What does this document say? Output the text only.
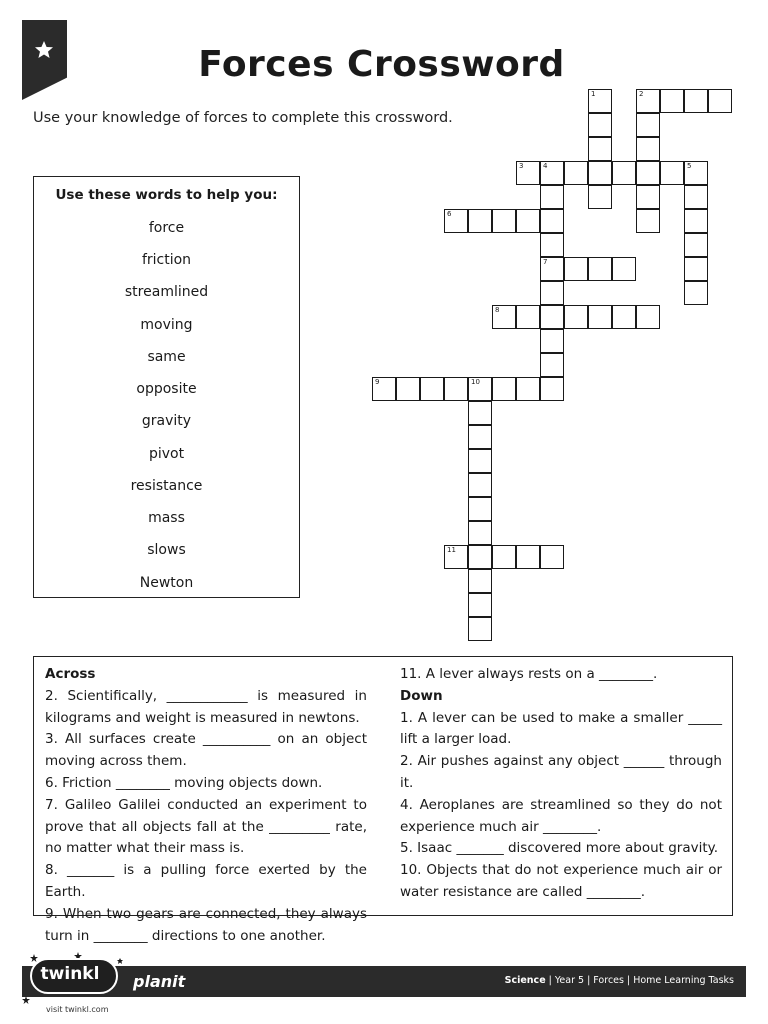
Forces Crossword
Use your knowledge of forces to complete this crossword.
Use these words to help you:
force
friction
streamlined
moving
same
opposite
gravity
pivot
resistance
mass
slows
Newton
1	2
3	4	5
7
6
8
9	10
11

Across

2. Scientifically, ____________ is measured in kilograms and weight is measured in newtons.

3. All surfaces create __________ on an object moving across them.

6. Friction ________ moving objects down.

7. Galileo Galilei conducted an experiment to prove that all objects fall at the _________ rate, no matter what their mass is.

8. _______ is a pulling force exerted by the Earth.

9. When two gears are connected, they always turn in ________ directions to one another.

11. A lever always rests on a ________.

Down

1. A lever can be used to make a smaller _____ lift a larger load.

2. Air pushes against any object ______ through it.

4. Aeroplanes are streamlined so they do not experience much air ________.

5. Isaac _______ discovered more about gravity.

10. Objects that do not experience much air or water resistance are called ________.

Science | Year 5 | Forces | Home Learning Tasks
twinkl	planit
visit twinkl.com
